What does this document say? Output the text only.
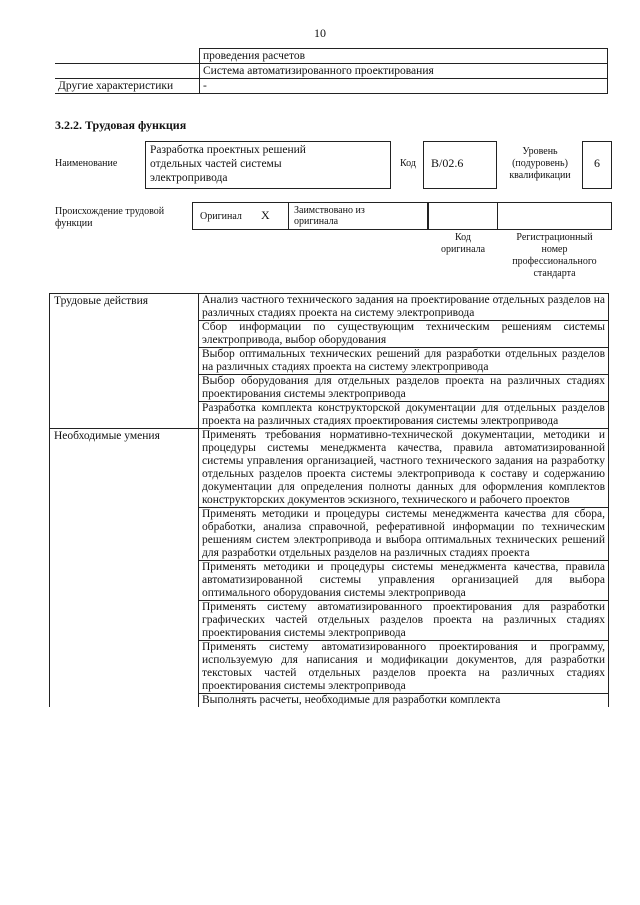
10
	проведения расчетов
	Система автоматизированного проектирования
Другие характеристики	-
3.2.2. Трудовая функция
Наименование
Разработка проектных решений
отдельных частей системы
электропривода
Код B/02.6
Уровень
(подуровень)
квалификации
6
Происхождение трудовой
функции
Оригинал X Заимствовано из
оригинала
Код
оригинала
Регистрационный
номер
профессионального
стандарта
Трудовые действия	Анализ частного технического задания на проектирование отдельных разделов на различных стадиях проекта на систему электропривода
	Сбор информации по существующим техническим решениям системы электропривода, выбор оборудования
	Выбор оптимальных технических решений для разработки отдельных разделов на различных стадиях проекта на систему электропривода
	Выбор оборудования для отдельных разделов проекта на различных стадиях проектирования системы электропривода
	Разработка комплекта конструкторской документации для отдельных разделов проекта на различных стадиях проектирования системы электропривода
Необходимые умения	Применять требования нормативно-технической документации, методики и процедуры системы менеджмента качества, правила автоматизированной системы управления организацией, частного технического задания на разработку отдельных разделов проекта системы электропривода к составу и содержанию документации для определения полноты данных для оформления комплектов конструкторских документов эскизного, технического и рабочего проектов
	Применять методики и процедуры системы менеджмента качества для сбора, обработки, анализа справочной, реферативной информации по техническим решениям систем электропривода и выбора оптимальных технических решений для разработки отдельных разделов на различных стадиях проекта
	Применять методики и процедуры системы менеджмента качества, правила автоматизированной системы управления организацией для выбора оптимального оборудования системы электропривода
	Применять систему автоматизированного проектирования для разработки графических частей отдельных разделов проекта на различных стадиях проектирования системы электропривода
	Применять систему автоматизированного проектирования и программу, используемую для написания и модификации документов, для разработки текстовых частей отдельных разделов проекта на различных стадиях проектирования системы электропривода
	Выполнять расчеты, необходимые для разработки комплекта
